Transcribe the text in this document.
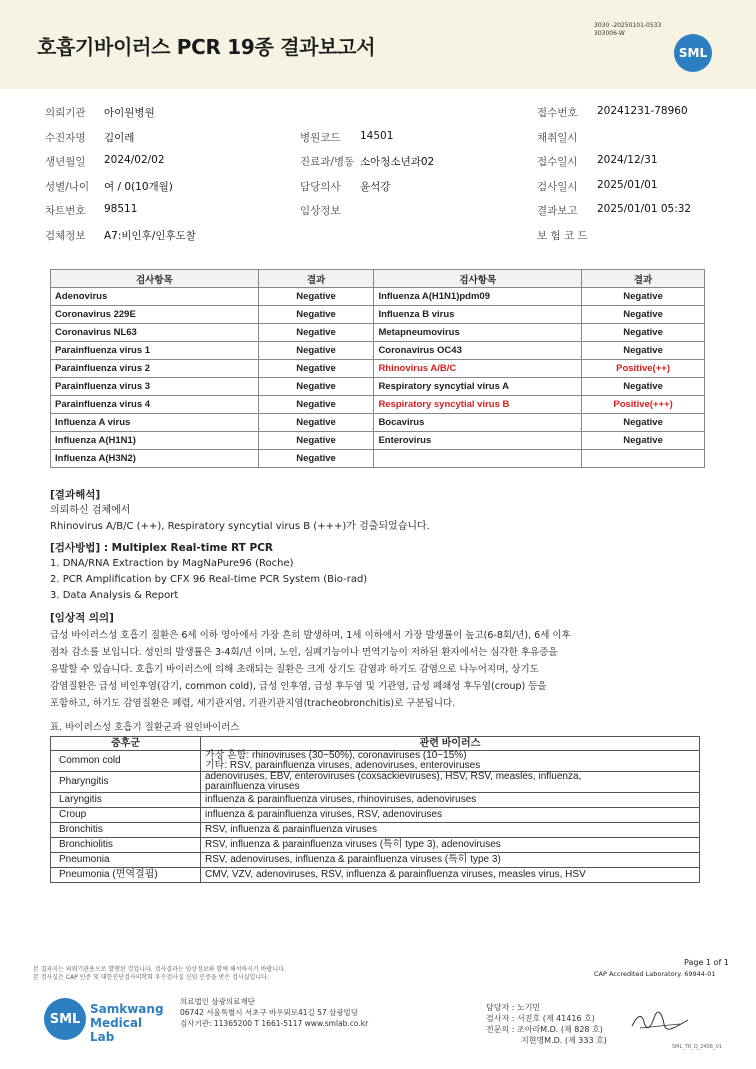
호흡기바이러스 PCR 19종 결과보고서
3030 -20250101-0533
303006-W
SML
의뢰기관 아이원병원	접수번호 20241231-78960
수진자명 김이레	병원코드 14501	채취일시
생년월일 2024/02/02	진료과/병동 소아청소년과02	접수일시 2024/12/31
성별/나이 여 / 0(10개월)	담당의사 윤석강	검사일시 2025/01/01
차트번호 98511	임상정보	결과보고 2025/01/01 05:32
검체정보 A7:비인후/인후도찰	보 험 코 드
검사항목	결과	검사항목	결과
Adenovirus	Negative	Influenza A(H1N1)pdm09	Negative
Coronavirus 229E	Negative	Influenza B virus	Negative
Coronavirus NL63	Negative	Metapneumovirus	Negative
Parainfluenza virus 1	Negative	Coronavirus OC43	Negative
Parainfluenza virus 2	Negative	Rhinovirus A/B/C	Positive(++)
Parainfluenza virus 3	Negative	Respiratory syncytial virus A	Negative
Parainfluenza virus 4	Negative	Respiratory syncytial virus B	Positive(+++)
Influenza A virus	Negative	Bocavirus	Negative
Influenza A(H1N1)	Negative	Enterovirus	Negative
Influenza A(H3N2)	Negative		
[결과해석]
의뢰하신 검체에서
Rhinovirus A/B/C (++), Respiratory syncytial virus B (+++)가 검출되었습니다.
[검사방법] : Multiplex Real-time RT PCR
1. DNA/RNA Extraction by MagNaPure96 (Roche)
2. PCR Amplification by CFX 96 Real-time PCR System (Bio-rad)
3. Data Analysis & Report
[임상적 의의]
급성 바이러스성 호흡기 질환은 6세 이하 영아에서 가장 흔히 발생하며, 1세 이하에서 가장 발생률이 높고(6-8회/년), 6세 이후
점차 감소를 보입니다. 성인의 발생률은 3-4회/년 이며, 노인, 심폐기능이나 면역기능이 저하된 환자에서는 심각한 후유증을
유발할 수 있습니다. 호흡기 바이러스에 의해 초래되는 질환은 크게 상기도 감염과 하기도 감염으로 나누어지며, 상기도
감염질환은 급성 비인후염(감기, common cold), 급성 인후염, 급성 후두염 및 기관염, 급성 폐쇄성 후두염(croup) 등을
포함하고, 하기도 감염질환은 폐렴, 세기관지염, 기관기관지염(tracheobronchitis)로 구분됩니다.
표. 바이러스성 호흡기 질환군과 원인바이러스
증후군	관련 바이러스
Common cold	가장 흔함: rhinoviruses (30~50%), coronaviruses (10~15%)
기타: RSV, parainfluenza viruses, adenoviruses, enteroviruses

Pharyngitis	adenoviruses, EBV, enteroviruses (coxsackieviruses), HSV, RSV, measles, influenza,
parainfluenza viruses

Laryngitis	influenza & parainfluenza viruses, rhinoviruses, adenoviruses

Croup	influenza & parainfluenza viruses, RSV, adenoviruses

Bronchitis	RSV, influenza & parainfluenza viruses

Bronchiolitis	RSV, influenza & parainfluenza viruses (특히 type 3), adenoviruses

Pneumonia	RSV, adenoviruses, influenza & parainfluenza viruses (특히 type 3)

Pneumonia (면역결핍)	CMV, VZV, adenoviruses, RSV, influenza & parainfluenza viruses, measles virus, HSV
본 결과지는 의뢰기관용으로 발행된 것입니다. 검사결과는 임상정보와 함께 해석하시기 바랍니다.
본 검사실은 CAP 인증 및 대한진단검사의학회 우수검사실 신임 인증을 받은 검사실입니다.
Page 1 of 1
CAP Accredited Laboratory. 69944-01
SML
Samkwang Medical Lab
의료법인 삼광의료재단
06742 서울특별시 서초구 바우뫼로41길 57 삼광빌딩
검사기관: 11365200 T 1661-5117 www.smlab.co.kr
담당자 : 노기민
검사자 : 서진호 (제 41416 호)
전문의 : 조아라M.D. (제 828 호)
지현명M.D. (제 333 호)
SML_TR_Q_2408_V1
